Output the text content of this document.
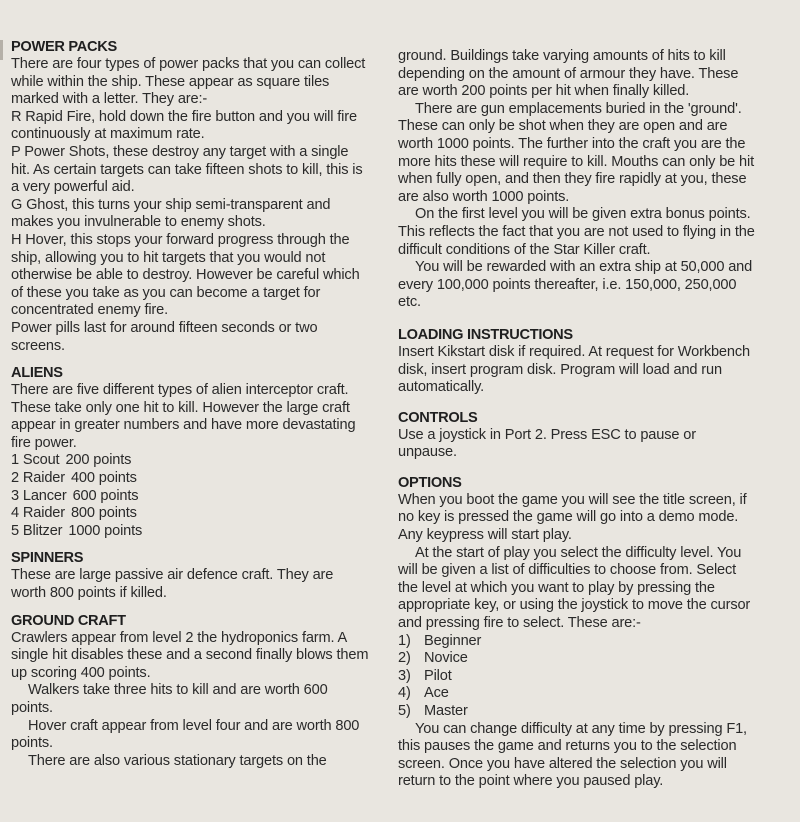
POWER PACKS

There are four types of power packs that you can collect while within the ship. These appear as square tiles marked with a letter. They are:-

R Rapid Fire, hold down the fire button and you will fire continuously at maximum rate.

P Power Shots, these destroy any target with a single hit. As certain targets can take fifteen shots to kill, this is a very powerful aid.

G Ghost, this turns your ship semi-transparent and makes you invulnerable to enemy shots.

H Hover, this stops your forward progress through the ship, allowing you to hit targets that you would not otherwise be able to destroy. However be careful which of these you take as you can become a target for concentrated enemy fire.

Power pills last for around fifteen seconds or two screens.

ALIENS

There are five different types of alien interceptor craft. These take only one hit to kill. However the large craft appear in greater numbers and have more devastating fire power.

1 Scout 200 points
2 Raider 400 points
3 Lancer 600 points
4 Raider 800 points
5 Blitzer 1000 points
SPINNERS

These are large passive air defence craft. They are worth 800 points if killed.

GROUND CRAFT

Crawlers appear from level 2 the hydroponics farm. A single hit disables these and a second finally blows them up scoring 400 points.

Walkers take three hits to kill and are worth 600 points.

Hover craft appear from level four and are worth 800 points.

There are also various stationary targets on the

ground. Buildings take varying amounts of hits to kill depending on the amount of armour they have. These are worth 200 points per hit when finally killed.

There are gun emplacements buried in the 'ground'. These can only be shot when they are open and are worth 1000 points. The further into the craft you are the more hits these will require to kill. Mouths can only be hit when fully open, and then they fire rapidly at you, these are also worth 1000 points.

On the first level you will be given extra bonus points. This reflects the fact that you are not used to flying in the difficult conditions of the Star Killer craft.

You will be rewarded with an extra ship at 50,000 and every 100,000 points thereafter, i.e. 150,000, 250,000 etc.

LOADING INSTRUCTIONS

Insert Kikstart disk if required. At request for Workbench disk, insert program disk. Program will load and run automatically.

CONTROLS

Use a joystick in Port 2. Press ESC to pause or unpause.

OPTIONS

When you boot the game you will see the title screen, if no key is pressed the game will go into a demo mode. Any keypress will start play.

At the start of play you select the difficulty level. You will be given a list of difficulties to choose from. Select the level at which you want to play by pressing the appropriate key, or using the joystick to move the cursor and pressing fire to select. These are:-

1) Beginner
2) Novice
3) Pilot
4) Ace
5) Master

You can change difficulty at any time by pressing F1, this pauses the game and returns you to the selection screen. Once you have altered the selection you will return to the point where you paused play.
